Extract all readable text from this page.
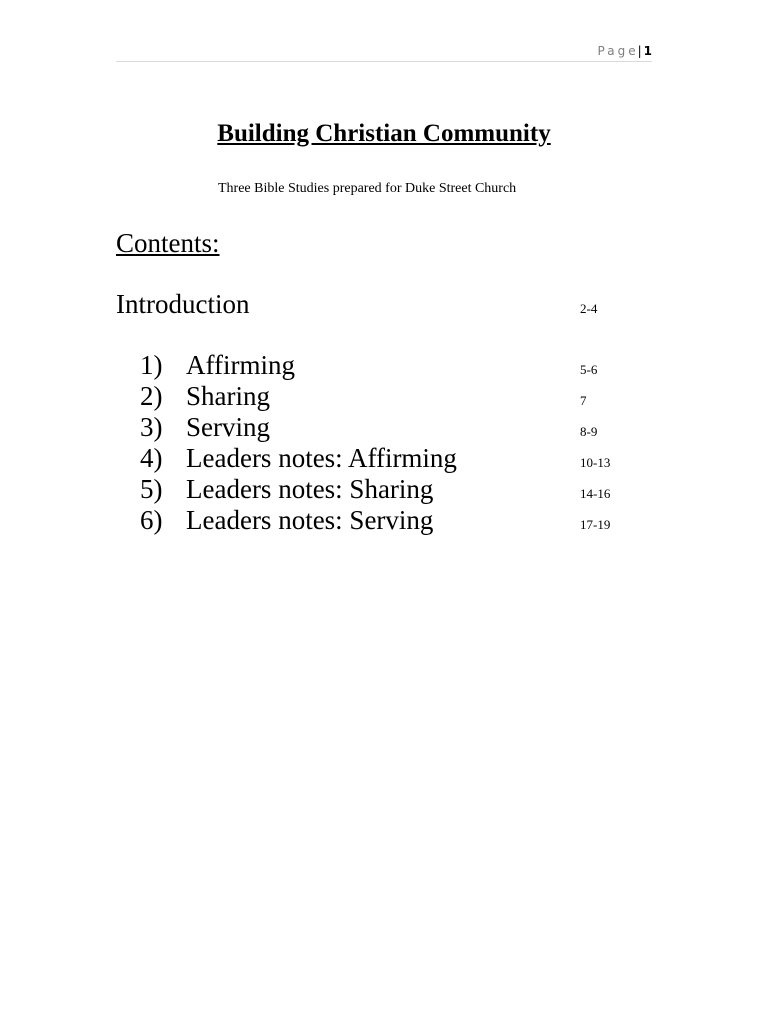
Page| 1
Building Christian Community
Three Bible Studies prepared for Duke Street Church
Contents:
Introduction	2-4
1) Affirming	5-6
2) Sharing	7
3) Serving	8-9
4) Leaders notes: Affirming	10-13
5) Leaders notes: Sharing	14-16
6) Leaders notes: Serving	17-19
